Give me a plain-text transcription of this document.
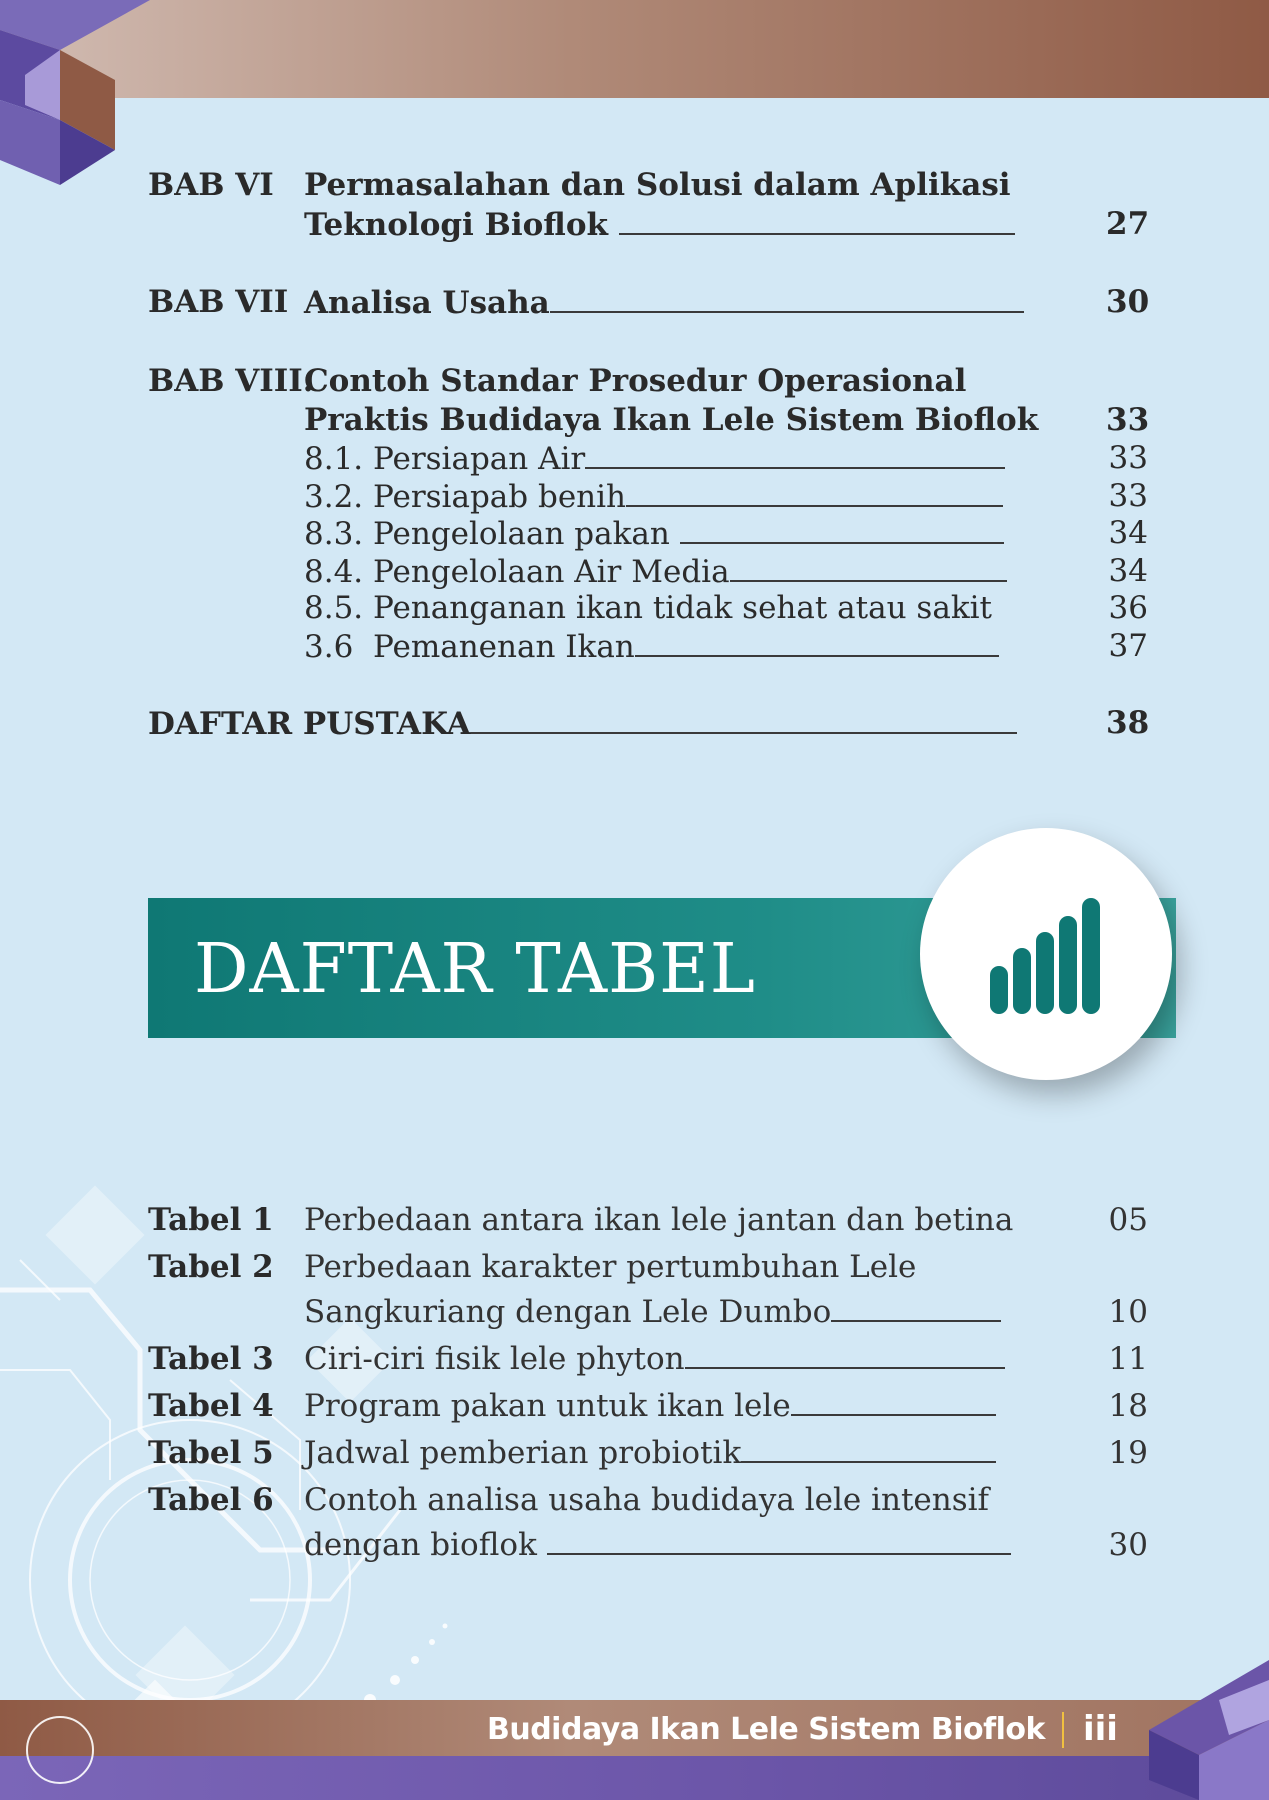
BAB VI Permasalahan dan Solusi dalam Aplikasi
Teknologi Bioflok	27
BAB VII Analisa Usaha	30
BAB VIII.
Contoh Standar Prosedur Operasional
Praktis Budidaya Ikan Lele Sistem Bioflok 33
8.1. Persiapan Air	33
3.2. Persiapab benih	33
8.3. Pengelolaan pakan	34
8.4. Pengelolaan Air Media	34
8.5. Penanganan ikan tidak sehat atau sakit	36
3.6 Pemanenan Ikan	37
DAFTAR PUSTAKA	38
DAFTAR TABEL
Tabel 1 Perbedaan antara ikan lele jantan dan betina	05
Tabel 2 Perbedaan karakter pertumbuhan Lele
Sangkuriang dengan Lele Dumbo	10
Tabel 3 Ciri-ciri fisik lele phyton	11
Tabel 4 Program pakan untuk ikan lele	18
Tabel 5 Jadwal pemberian probiotik	19
Tabel 6 Contoh analisa usaha budidaya lele intensif
dengan bioflok	30
Budidaya Ikan Lele Sistem Bioflok iii
